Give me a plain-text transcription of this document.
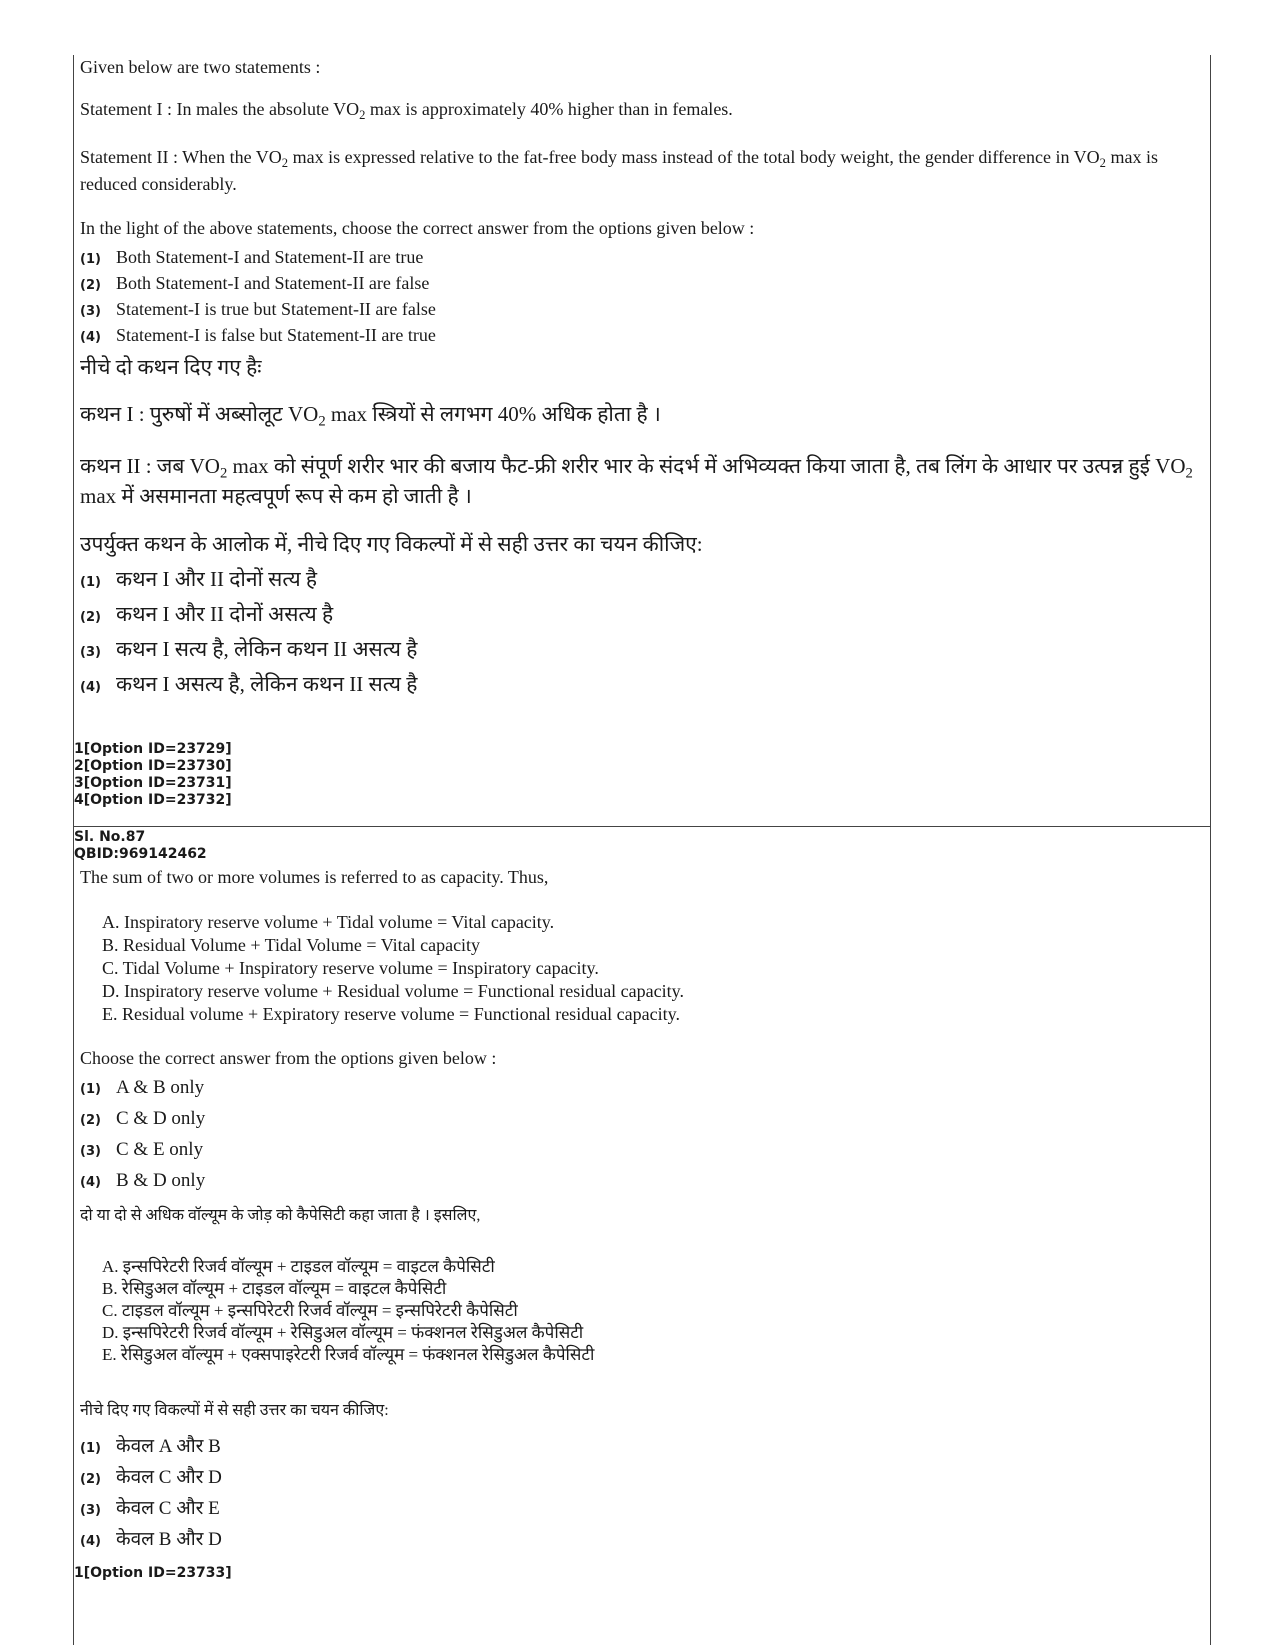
Given below are two statements :
Statement I : In males the absolute $VO_2$ max is approximately 40% higher than in females.
Statement II : When the $VO_2$ max is expressed relative to the fat-free body mass instead of the total body weight, the gender difference in $VO_2$ max is reduced considerably.
In the light of the above statements, choose the correct answer from the options given below :
(1) Both Statement-I and Statement-II are true
(2) Both Statement-I and Statement-II are false
(3) Statement-I is true but Statement-II are false
(4) Statement-I is false but Statement-II are true
नीचे दो कथन दिए गए हैः
कथन I : पुरुषों में अब्सोलूट $VO_2$ max स्त्रियों से लगभग 40% अधिक होता है ।
कथन II : जब $VO_2$ max को संपूर्ण शरीर भार की बजाय फैट-फ्री शरीर भार के संदर्भ में अभिव्यक्त किया जाता है, तब लिंग के आधार पर उत्पन्न हुई $VO_2$ max में असमानता महत्वपूर्ण रूप से कम हो जाती है ।
उपर्युक्त कथन के आलोक में, नीचे दिए गए विकल्पों में से सही उत्तर का चयन कीजिए:
(1) कथन I और II दोनों सत्य है
(2) कथन I और II दोनों असत्य है
(3) कथन I सत्य है, लेकिन कथन II असत्य है
(4) कथन I असत्य है, लेकिन कथन II सत्य है
1[Option ID=23729]
2[Option ID=23730]
3[Option ID=23731]
4[Option ID=23732]
Sl. No.87
QBID:969142462
The sum of two or more volumes is referred to as capacity. Thus,
A. Inspiratory reserve volume + Tidal volume = Vital capacity.
B. Residual Volume + Tidal Volume = Vital capacity
C. Tidal Volume + Inspiratory reserve volume = Inspiratory capacity.
D. Inspiratory reserve volume + Residual volume = Functional residual capacity.
E. Residual volume + Expiratory reserve volume = Functional residual capacity.
Choose the correct answer from the options given below :
(1) A & B only
(2) C & D only
(3) C & E only
(4) B & D only
दो या दो से अधिक वॉल्यूम के जोड़ को कैपेसिटी कहा जाता है । इसलिए,
A. इन्सपिरेटरी रिजर्व वॉल्यूम + टाइडल वॉल्यूम = वाइटल कैपेसिटी
B. रेसिडुअल वॉल्यूम + टाइडल वॉल्यूम = वाइटल कैपेसिटी
C. टाइडल वॉल्यूम + इन्सपिरेटरी रिजर्व वॉल्यूम = इन्सपिरेटरी कैपेसिटी
D. इन्सपिरेटरी रिजर्व वॉल्यूम + रेसिडुअल वॉल्यूम = फंक्शनल रेसिडुअल कैपेसिटी
E. रेसिडुअल वॉल्यूम + एक्सपाइरेटरी रिजर्व वॉल्यूम = फंक्शनल रेसिडुअल कैपेसिटी
नीचे दिए गए विकल्पों में से सही उत्तर का चयन कीजिए:
(1) केवल A और B
(2) केवल C और D
(3) केवल C और E
(4) केवल B और D
1[Option ID=23733]
